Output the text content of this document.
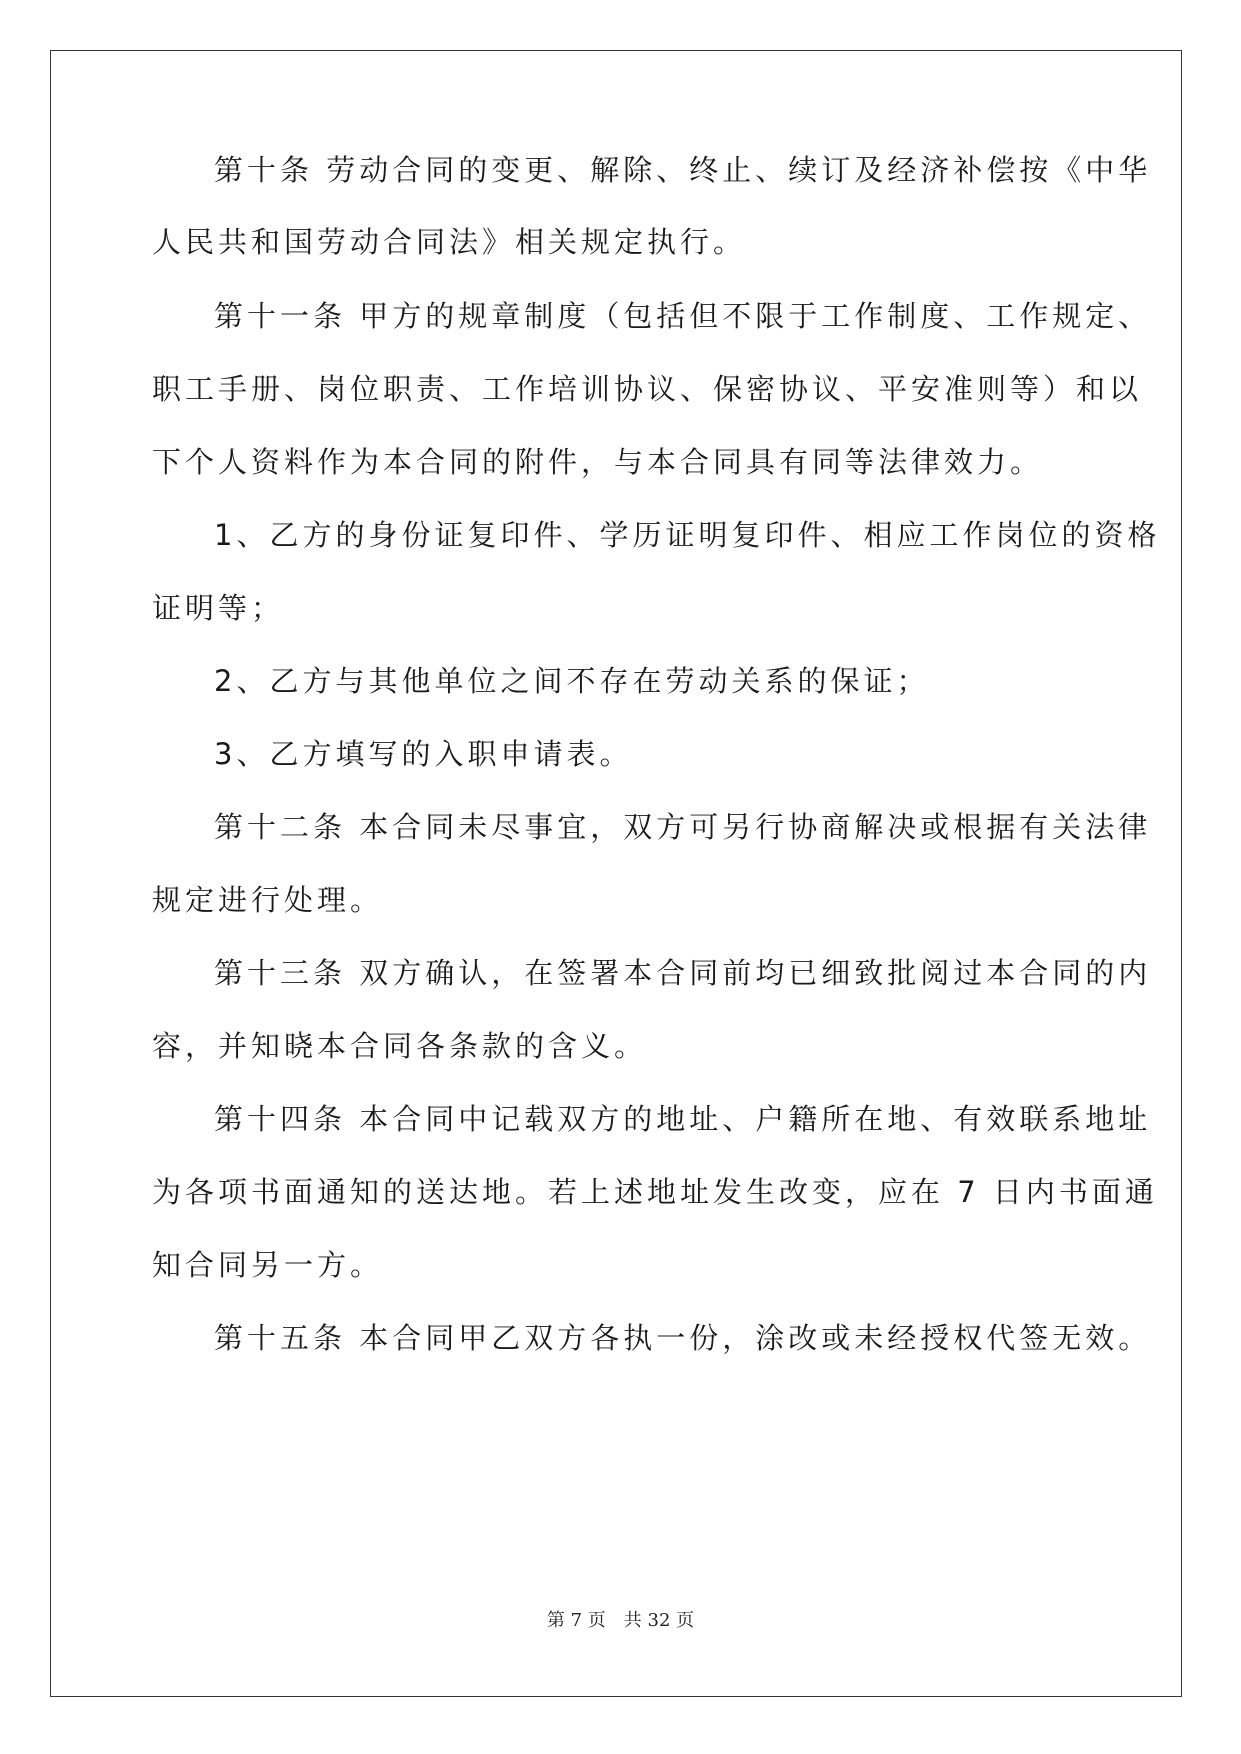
第十条 劳动合同的变更、解除、终止、续订及经济补偿按《中华
人民共和国劳动合同法》相关规定执行。
第十一条 甲方的规章制度（包括但不限于工作制度、工作规定、
职工手册、岗位职责、工作培训协议、保密协议、平安准则等）和以
下个人资料作为本合同的附件，与本合同具有同等法律效力。
1、乙方的身份证复印件、学历证明复印件、相应工作岗位的资格
证明等；
2、乙方与其他单位之间不存在劳动关系的保证；
3、乙方填写的入职申请表。
第十二条 本合同未尽事宜，双方可另行协商解决或根据有关法律
规定进行处理。
第十三条 双方确认，在签署本合同前均已细致批阅过本合同的内
容，并知晓本合同各条款的含义。
第十四条 本合同中记载双方的地址、户籍所在地、有效联系地址
为各项书面通知的送达地。若上述地址发生改变，应在 7 日内书面通
知合同另一方。
第十五条 本合同甲乙双方各执一份，涂改或未经授权代签无效。
第 7 页 共 32 页
